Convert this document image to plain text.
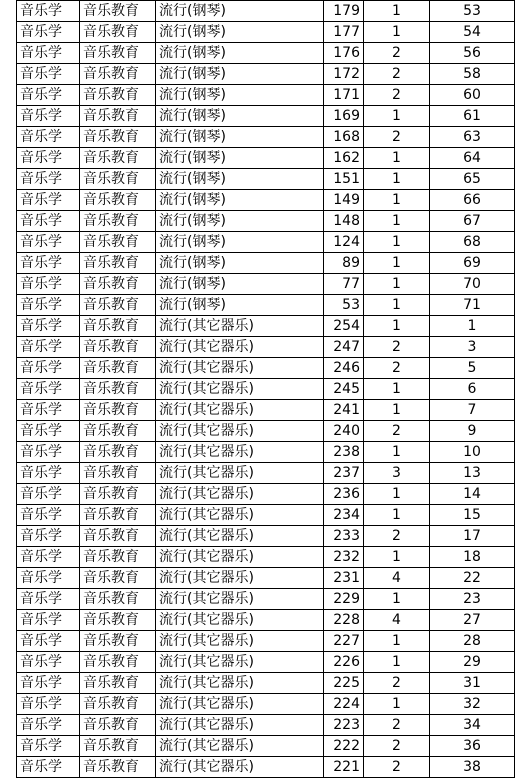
音乐学	音乐教育	流行(钢琴)	179	1	53
音乐学	音乐教育	流行(钢琴)	177	1	54
音乐学	音乐教育	流行(钢琴)	176	2	56
音乐学	音乐教育	流行(钢琴)	172	2	58
音乐学	音乐教育	流行(钢琴)	171	2	60
音乐学	音乐教育	流行(钢琴)	169	1	61
音乐学	音乐教育	流行(钢琴)	168	2	63
音乐学	音乐教育	流行(钢琴)	162	1	64
音乐学	音乐教育	流行(钢琴)	151	1	65
音乐学	音乐教育	流行(钢琴)	149	1	66
音乐学	音乐教育	流行(钢琴)	148	1	67
音乐学	音乐教育	流行(钢琴)	124	1	68
音乐学	音乐教育	流行(钢琴)	89	1	69
音乐学	音乐教育	流行(钢琴)	77	1	70
音乐学	音乐教育	流行(钢琴)	53	1	71
音乐学	音乐教育	流行(其它器乐)	254	1	1
音乐学	音乐教育	流行(其它器乐)	247	2	3
音乐学	音乐教育	流行(其它器乐)	246	2	5
音乐学	音乐教育	流行(其它器乐)	245	1	6
音乐学	音乐教育	流行(其它器乐)	241	1	7
音乐学	音乐教育	流行(其它器乐)	240	2	9
音乐学	音乐教育	流行(其它器乐)	238	1	10
音乐学	音乐教育	流行(其它器乐)	237	3	13
音乐学	音乐教育	流行(其它器乐)	236	1	14
音乐学	音乐教育	流行(其它器乐)	234	1	15
音乐学	音乐教育	流行(其它器乐)	233	2	17
音乐学	音乐教育	流行(其它器乐)	232	1	18
音乐学	音乐教育	流行(其它器乐)	231	4	22
音乐学	音乐教育	流行(其它器乐)	229	1	23
音乐学	音乐教育	流行(其它器乐)	228	4	27
音乐学	音乐教育	流行(其它器乐)	227	1	28
音乐学	音乐教育	流行(其它器乐)	226	1	29
音乐学	音乐教育	流行(其它器乐)	225	2	31
音乐学	音乐教育	流行(其它器乐)	224	1	32
音乐学	音乐教育	流行(其它器乐)	223	2	34
音乐学	音乐教育	流行(其它器乐)	222	2	36
音乐学	音乐教育	流行(其它器乐)	221	2	38
